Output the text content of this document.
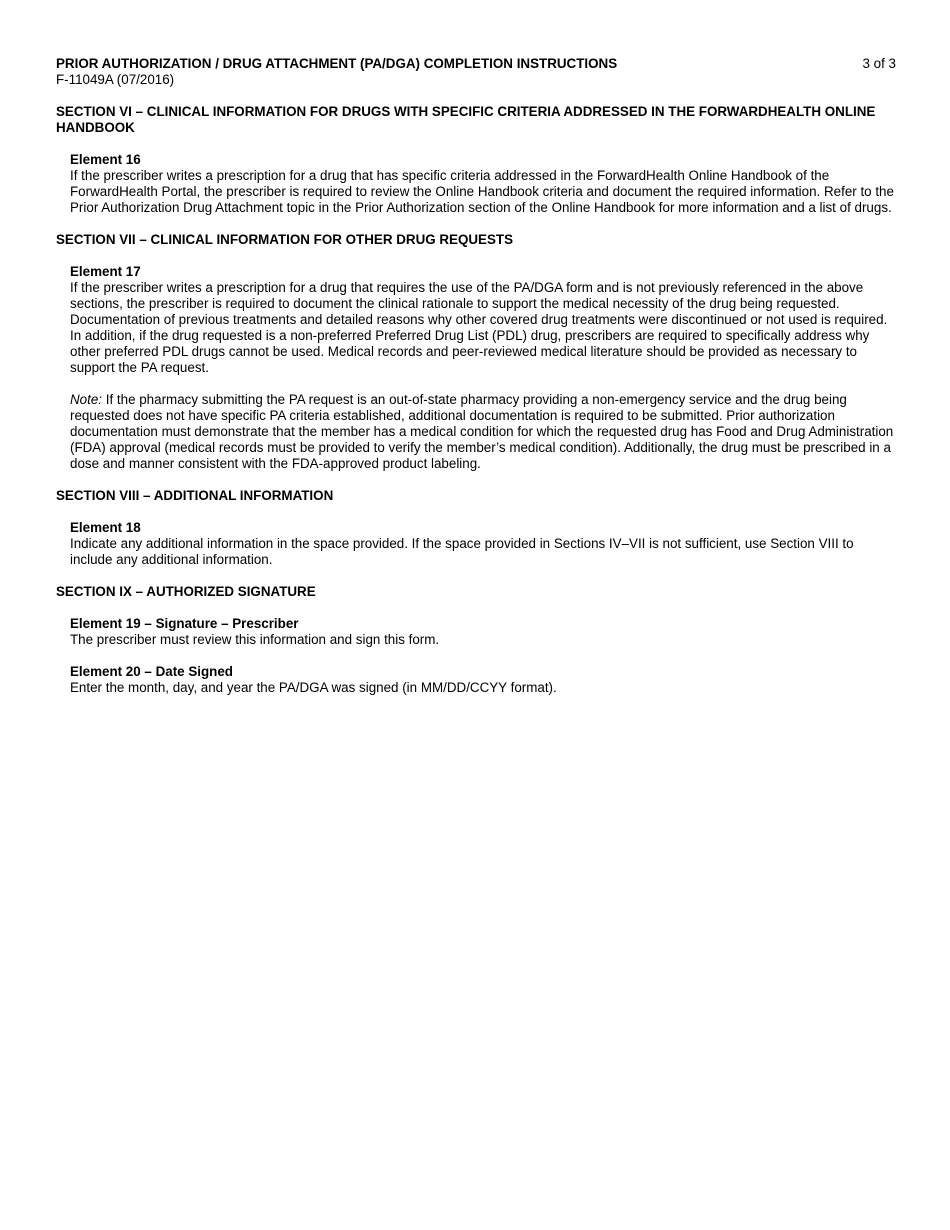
PRIOR AUTHORIZATION / DRUG ATTACHMENT (PA/DGA) COMPLETION INSTRUCTIONS	3 of 3
F-11049A (07/2016)
SECTION VI – CLINICAL INFORMATION FOR DRUGS WITH SPECIFIC CRITERIA ADDRESSED IN THE FORWARDHEALTH ONLINE HANDBOOK
Element 16

If the prescriber writes a prescription for a drug that has specific criteria addressed in the ForwardHealth Online Handbook of the ForwardHealth Portal, the prescriber is required to review the Online Handbook criteria and document the required information. Refer to the Prior Authorization Drug Attachment topic in the Prior Authorization section of the Online Handbook for more information and a list of drugs.

SECTION VII – CLINICAL INFORMATION FOR OTHER DRUG REQUESTS
Element 17

If the prescriber writes a prescription for a drug that requires the use of the PA/DGA form and is not previously referenced in the above sections, the prescriber is required to document the clinical rationale to support the medical necessity of the drug being requested. Documentation of previous treatments and detailed reasons why other covered drug treatments were discontinued or not used is required. In addition, if the drug requested is a non-preferred Preferred Drug List (PDL) drug, prescribers are required to specifically address why other preferred PDL drugs cannot be used. Medical records and peer-reviewed medical literature should be provided as necessary to support the PA request.

Note: If the pharmacy submitting the PA request is an out-of-state pharmacy providing a non-emergency service and the drug being requested does not have specific PA criteria established, additional documentation is required to be submitted. Prior authorization documentation must demonstrate that the member has a medical condition for which the requested drug has Food and Drug Administration (FDA) approval (medical records must be provided to verify the member’s medical condition). Additionally, the drug must be prescribed in a dose and manner consistent with the FDA-approved product labeling.

SECTION VIII – ADDITIONAL INFORMATION
Element 18

Indicate any additional information in the space provided. If the space provided in Sections IV–VII is not sufficient, use Section VIII to include any additional information.

SECTION IX – AUTHORIZED SIGNATURE
Element 19 – Signature – Prescriber

The prescriber must review this information and sign this form.

Element 20 – Date Signed

Enter the month, day, and year the PA/DGA was signed (in MM/DD/CCYY format).
